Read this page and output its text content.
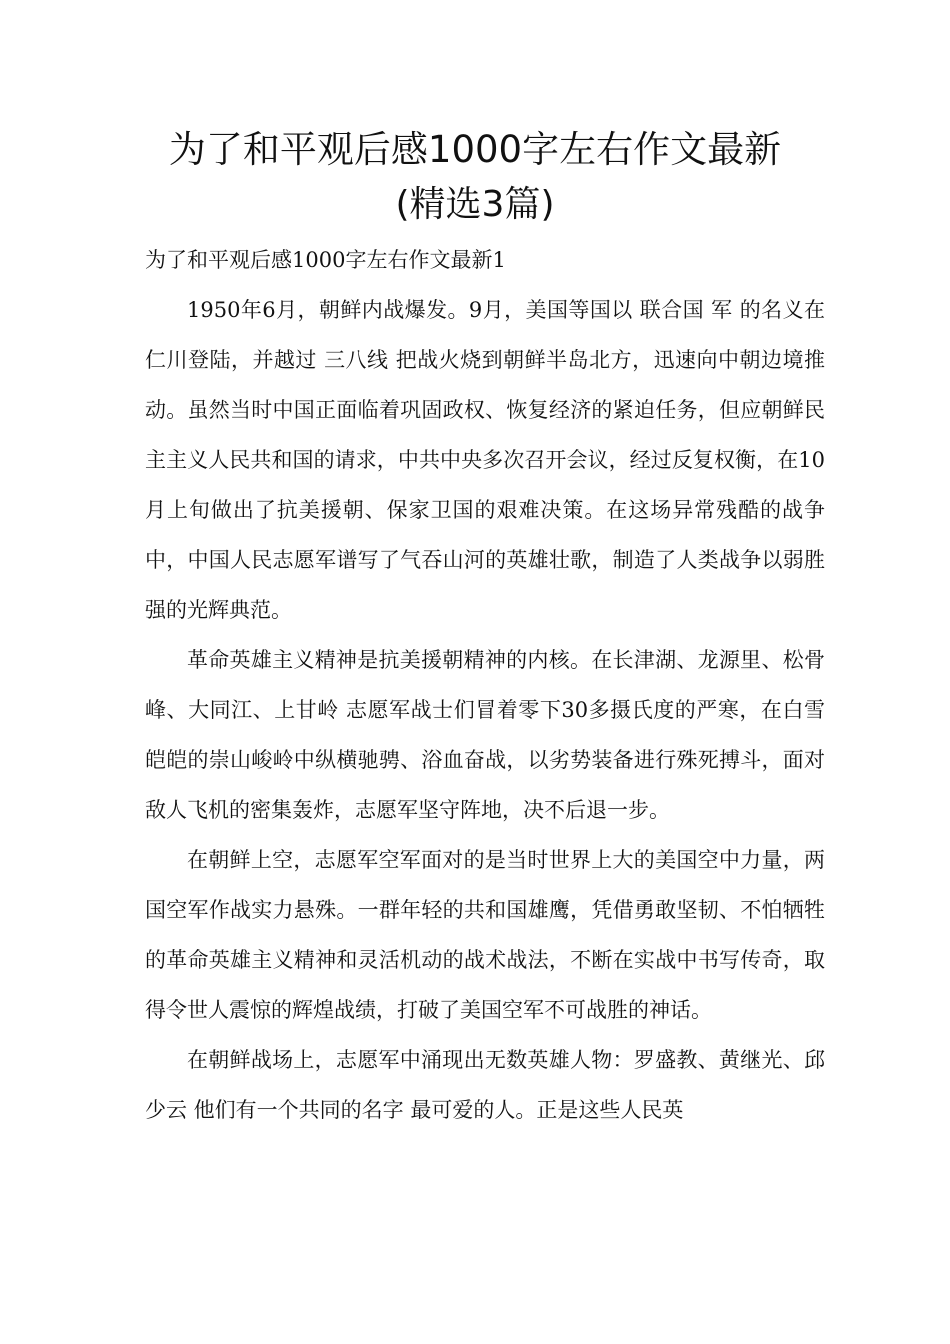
为了和平观后感1000字左右作文最新
(精选3篇)

为了和平观后感1000字左右作文最新1

1950年6月，朝鲜内战爆发。9月，美国等国以 联合国 军 的名义在仁川登陆，并越过 三八线 把战火烧到朝鲜半岛北方，迅速向中朝边境推动。虽然当时中国正面临着巩固政权、恢复经济的紧迫任务，但应朝鲜民主主义人民共和国的请求，中共中央多次召开会议，经过反复权衡，在10月上旬做出了抗美援朝、保家卫国的艰难决策。在这场异常残酷的战争中，中国人民志愿军谱写了气吞山河的英雄壮歌，制造了人类战争以弱胜强的光辉典范。

革命英雄主义精神是抗美援朝精神的内核。在长津湖、龙源里、松骨峰、大同江、上甘岭 志愿军战士们冒着零下30多摄氏度的严寒，在白雪皑皑的崇山峻岭中纵横驰骋、浴血奋战，以劣势装备进行殊死搏斗，面对敌人飞机的密集轰炸，志愿军坚守阵地，决不后退一步。

在朝鲜上空，志愿军空军面对的是当时世界上大的美国空中力量，两国空军作战实力悬殊。一群年轻的共和国雄鹰，凭借勇敢坚韧、不怕牺牲的革命英雄主义精神和灵活机动的战术战法，不断在实战中书写传奇，取得令世人震惊的辉煌战绩，打破了美国空军不可战胜的神话。

在朝鲜战场上，志愿军中涌现出无数英雄人物：罗盛教、黄继光、邱少云 他们有一个共同的名字 最可爱的人。正是这些人民英
